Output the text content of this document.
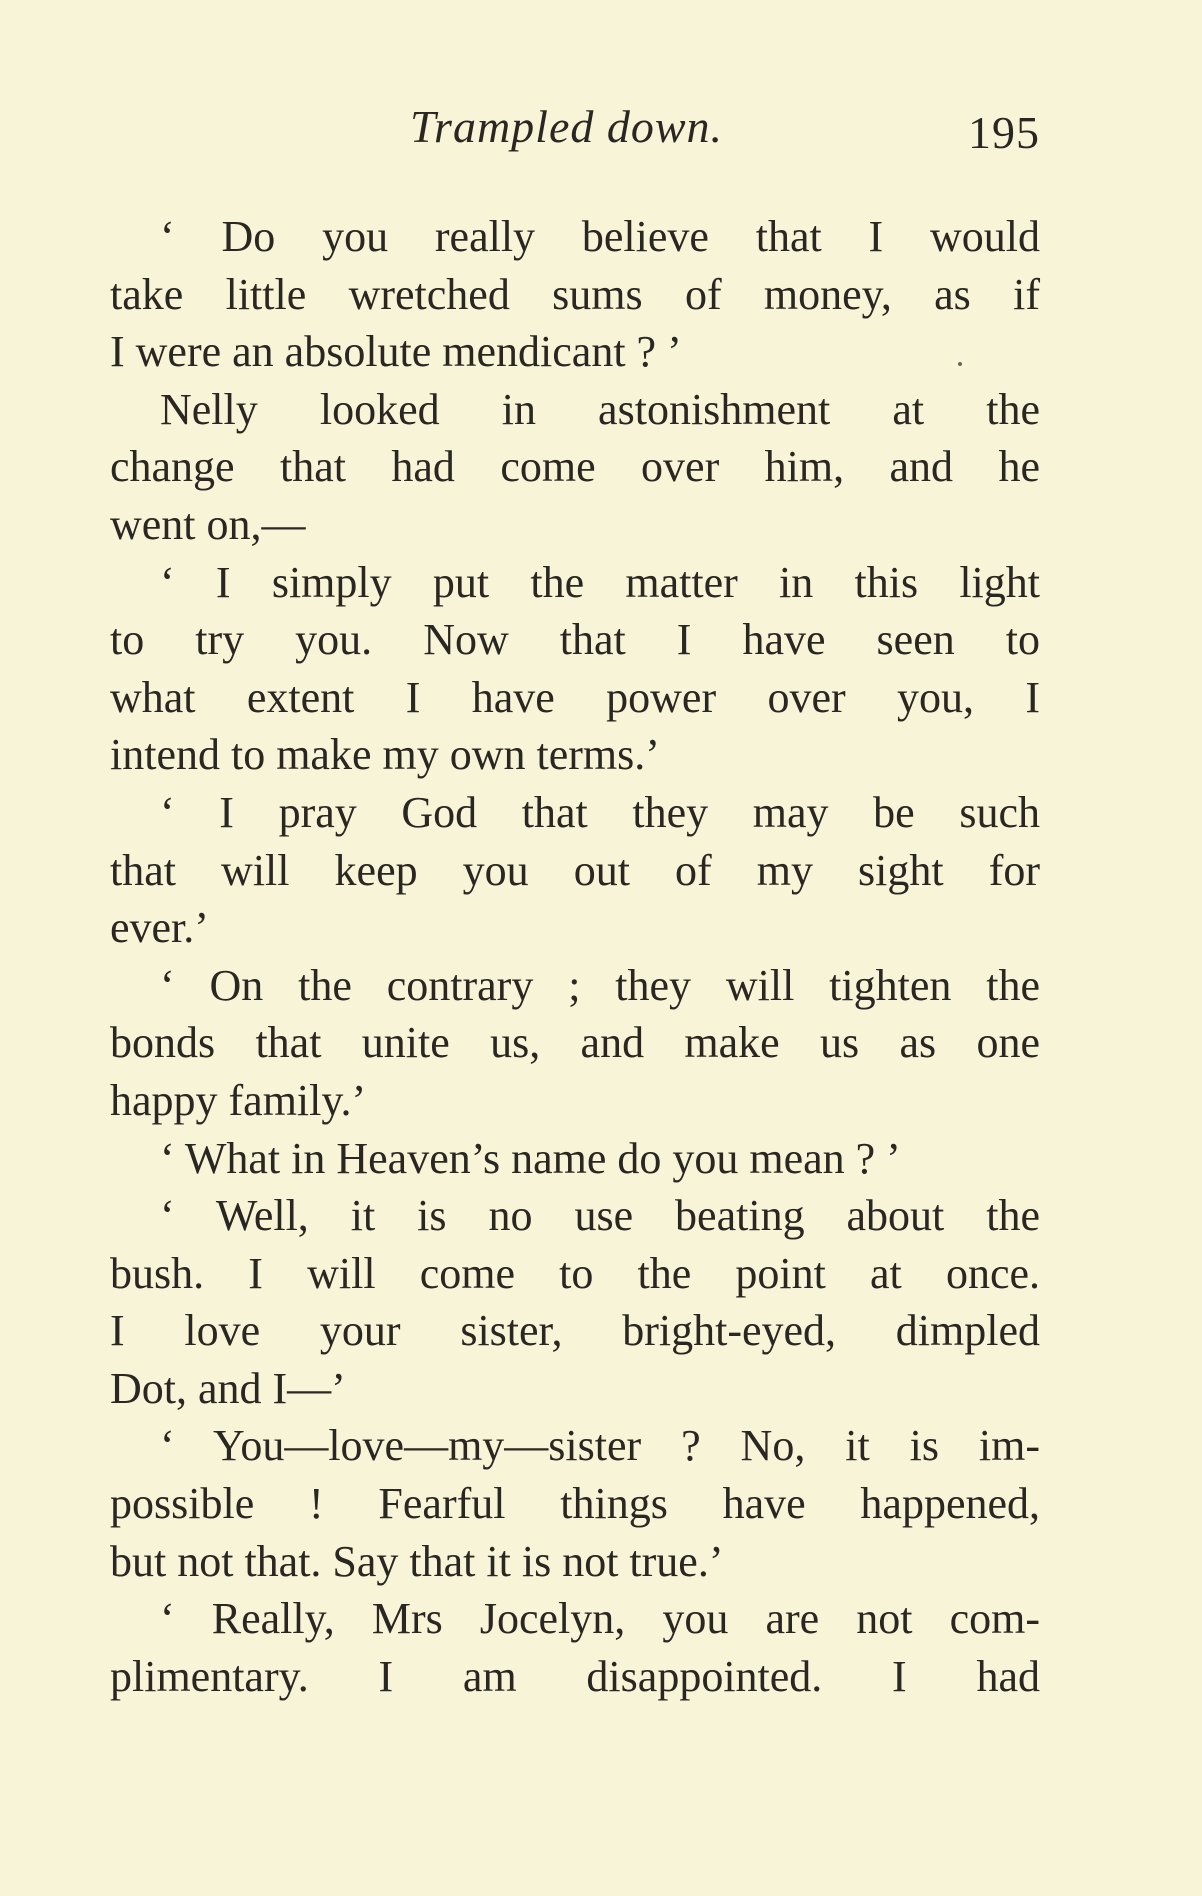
Trampled down.	195
‘ Do you really believe that I would
take little wretched sums of money, as if
I were an absolute mendicant ? ’
Nelly looked in astonishment at the
change that had come over him, and he
went on,—
‘ I simply put the matter in this light
to try you. Now that I have seen to
what extent I have power over you, I
intend to make my own terms.’
‘ I pray God that they may be such
that will keep you out of my sight for
ever.’
‘ On the contrary ; they will tighten the
bonds that unite us, and make us as one
happy family.’
‘ What in Heaven’s name do you mean ? ’
‘ Well, it is no use beating about the
bush. I will come to the point at once.
I love your sister, bright-eyed, dimpled
Dot, and I—’
‘ You—love—my—sister ? No, it is im-
possible ! Fearful things have happened,
but not that. Say that it is not true.’
‘ Really, Mrs Jocelyn, you are not com-
plimentary. I am disappointed. I had
